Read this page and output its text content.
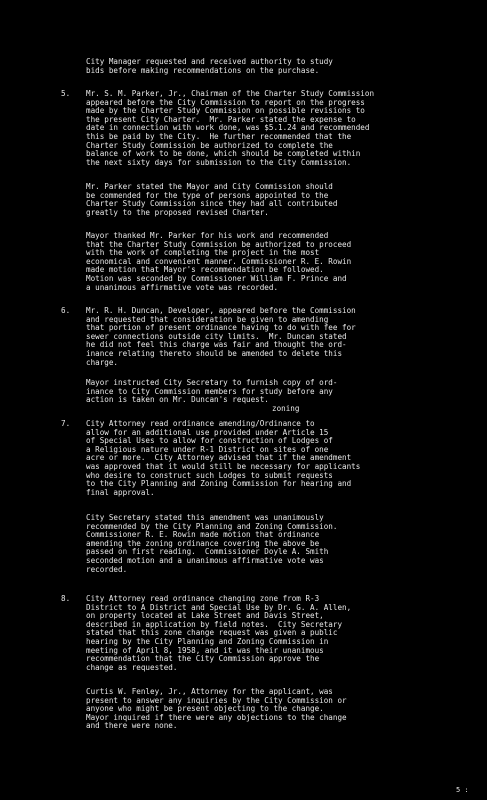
City Manager requested and received authority to study
bids before making recommendations on the purchase.

5. Mr. S. M. Parker, Jr., Chairman of the Charter Study Commission
appeared before the City Commission to report on the progress
made by the Charter Study Commission on possible revisions to
the present City Charter.  Mr. Parker stated the expense to
date in connection with work done, was $5.1.24 and recommended
this be paid by the City.  He further recommended that the
Charter Study Commission be authorized to complete the
balance of work to be done, which should be completed within
the next sixty days for submission to the City Commission.

Mr. Parker stated the Mayor and City Commission should
be commended for the type of persons appointed to the
Charter Study Commission since they had all contributed
greatly to the proposed revised Charter.

Mayor thanked Mr. Parker for his work and recommended
that the Charter Study Commission be authorized to proceed
with the work of completing the project in the most
economical and convenient manner. Commissioner R. E. Rowin
made motion that Mayor's recommendation be followed.
Motion was seconded by Commissioner William F. Prince and
a unanimous affirmative vote was recorded.

6. Mr. R. H. Duncan, Developer, appeared before the Commission
and requested that consideration be given to amending
that portion of present ordinance having to do with fee for
sewer connections outside city limits.  Mr. Duncan stated
he did not feel this charge was fair and thought the ord-
inance relating thereto should be amended to delete this
charge.

Mayor instructed City Secretary to furnish copy of ord-
inance to City Commission members for study before any
action is taken on Mr. Duncan's request.

zoning
7. City Attorney read ordinance amending/Ordinance to
allow for an additional use provided under Article 15
of Special Uses to allow for construction of Lodges of
a Religious nature under R-1 District on sites of one
acre or more.  City Attorney advised that if the amendment
was approved that it would still be necessary for applicants
who desire to construct such Lodges to submit requests
to the City Planning and Zoning Commission for hearing and
final approval.

City Secretary stated this amendment was unanimously
recommended by the City Planning and Zoning Commission.
Commissioner R. E. Rowin made motion that ordinance
amending the zoning ordinance covering the above be
passed on first reading.  Commissioner Doyle A. Smith
seconded motion and a unanimous affirmative vote was
recorded.

8. City Attorney read ordinance changing zone from R-3
District to A District and Special Use by Dr. G. A. Allen,
on property located at Lake Street and Davis Street,
described in application by field notes.  City Secretary
stated that this zone change request was given a public
hearing by the City Planning and Zoning Commission in
meeting of April 8, 1958, and it was their unanimous
recommendation that the City Commission approve the
change as requested.

Curtis W. Fenley, Jr., Attorney for the applicant, was
present to answer any inquiries by the City Commission or
anyone who might be present objecting to the change.
Mayor inquired if there were any objections to the change
and there were none.

5 :
